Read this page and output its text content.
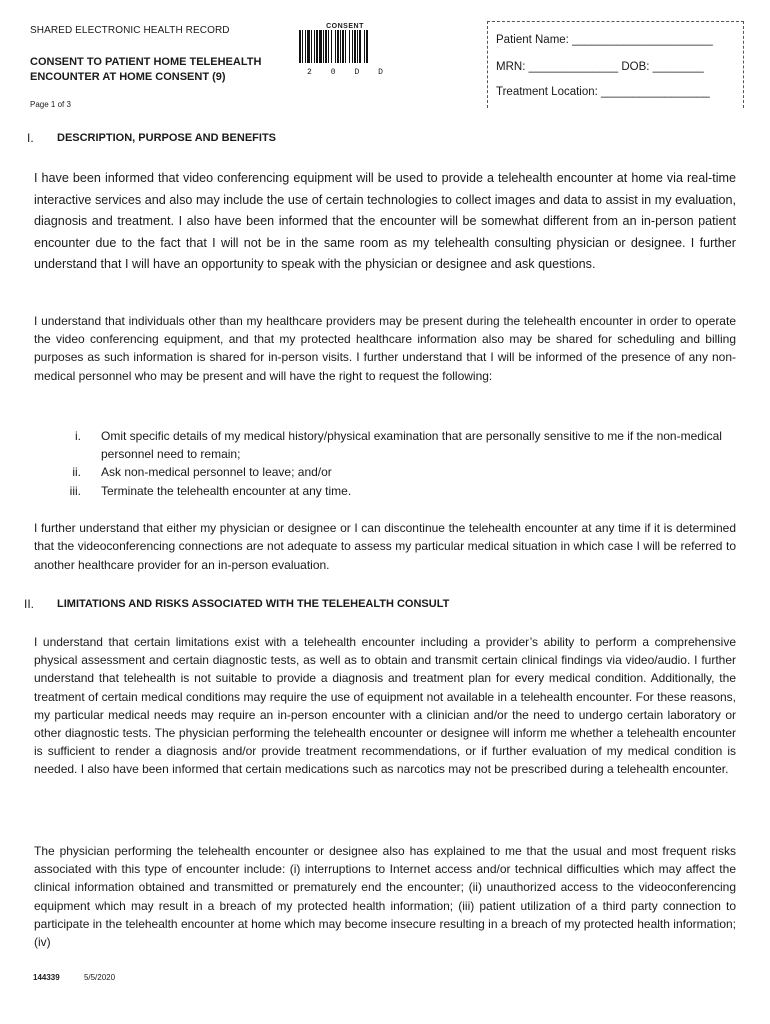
SHARED ELECTRONIC HEALTH RECORD
CONSENT TO PATIENT HOME TELEHEALTH ENCOUNTER AT HOME CONSENT (9)
Page 1 of 3
CONSENT
2 0 D D
Patient Name: ______________________
MRN: ______________ DOB: ________
Treatment Location: _________________
I. DESCRIPTION, PURPOSE AND BENEFITS
I have been informed that video conferencing equipment will be used to provide a telehealth encounter at home via real-time interactive services and also may include the use of certain technologies to collect images and data to assist in my evaluation, diagnosis and treatment. I also have been informed that the encounter will be somewhat different from an in-person patient encounter due to the fact that I will not be in the same room as my telehealth consulting physician or designee. I further understand that I will have an opportunity to speak with the physician or designee and ask questions.
I understand that individuals other than my healthcare providers may be present during the telehealth encounter in order to operate the video conferencing equipment, and that my protected healthcare information also may be shared for scheduling and billing purposes as such information is shared for in-person visits. I further understand that I will be informed of the presence of any non-medical personnel who may be present and will have the right to request the following:
i.	Omit specific details of my medical history/physical examination that are personally sensitive to me if the non-medical personnel need to remain;
ii.	Ask non-medical personnel to leave; and/or
iii.	Terminate the telehealth encounter at any time.
I further understand that either my physician or designee or I can discontinue the telehealth encounter at any time if it is determined that the videoconferencing connections are not adequate to assess my particular medical situation in which case I will be referred to another healthcare provider for an in-person evaluation.
II. LIMITATIONS AND RISKS ASSOCIATED WITH THE TELEHEALTH CONSULT
I understand that certain limitations exist with a telehealth encounter including a provider’s ability to perform a comprehensive physical assessment and certain diagnostic tests, as well as to obtain and transmit certain clinical findings via video/audio. I further understand that telehealth is not suitable to provide a diagnosis and treatment plan for every medical condition. Additionally, the treatment of certain medical conditions may require the use of equipment not available in a telehealth encounter. For these reasons, my particular medical needs may require an in-person encounter with a clinician and/or the need to undergo certain laboratory or other diagnostic tests. The physician performing the telehealth encounter or designee will inform me whether a telehealth encounter is sufficient to render a diagnosis and/or provide treatment recommendations, or if further evaluation of my medical condition is needed. I also have been informed that certain medications such as narcotics may not be prescribed during a telehealth encounter.
The physician performing the telehealth encounter or designee also has explained to me that the usual and most frequent risks associated with this type of encounter include: (i) interruptions to Internet access and/or technical difficulties which may affect the clinical information obtained and transmitted or prematurely end the encounter; (ii) unauthorized access to the videoconferencing equipment which may result in a breach of my protected health information; (iii) patient utilization of a third party connection to participate in the telehealth encounter at home which may become insecure resulting in a breach of my protected health information; (iv)
144339	5/5/2020
